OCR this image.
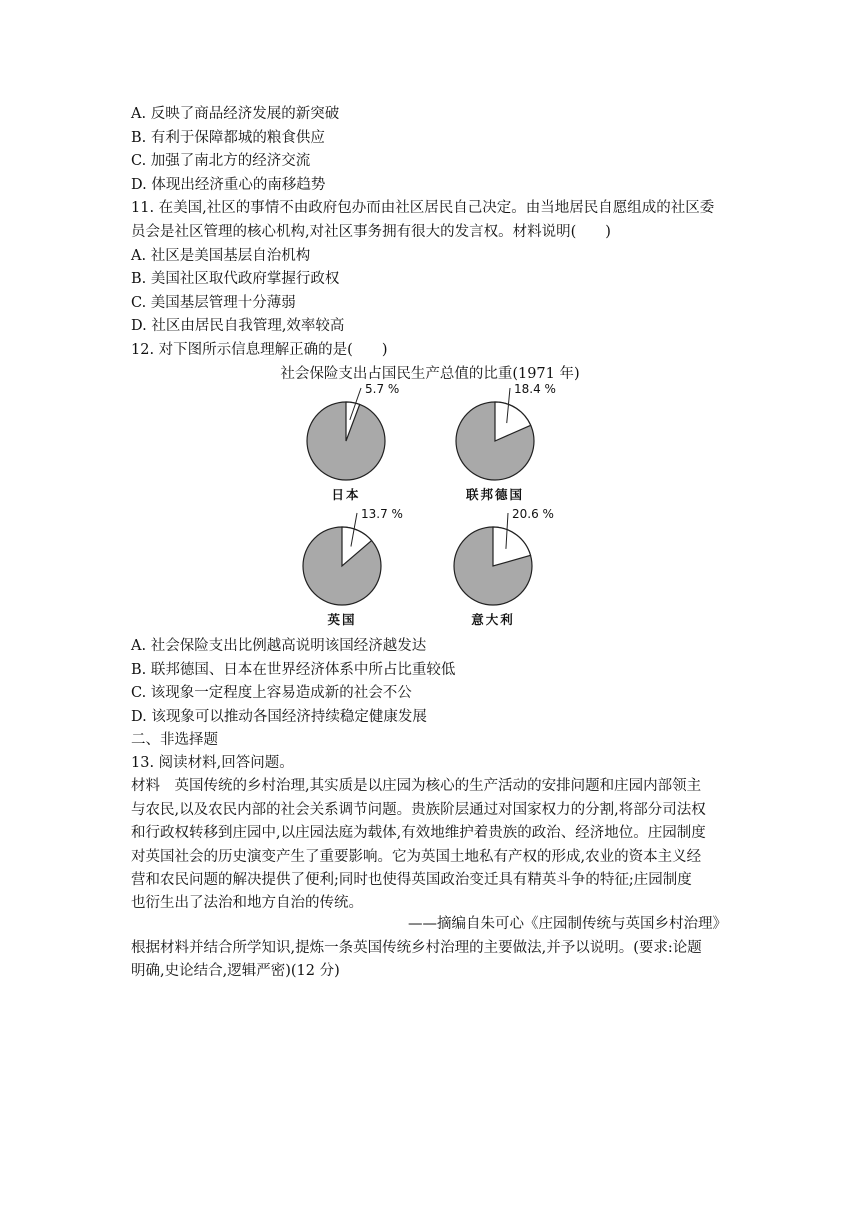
A. 反映了商品经济发展的新突破
B. 有利于保障都城的粮食供应
C. 加强了南北方的经济交流
D. 体现出经济重心的南移趋势
11. 在美国,社区的事情不由政府包办而由社区居民自己决定。由当地居民自愿组成的社区委
员会是社区管理的核心机构,对社区事务拥有很大的发言权。材料说明(　　)
A. 社区是美国基层自治机构
B. 美国社区取代政府掌握行政权
C. 美国基层管理十分薄弱
D. 社区由居民自我管理,效率较高
12. 对下图所示信息理解正确的是(　　)
社会保险支出占国民生产总值的比重(1971 年)
5.7 %
日本
18.4 %
联邦德国
13.7 %
英国
20.6 %
意大利
A. 社会保险支出比例越高说明该国经济越发达
B. 联邦德国、日本在世界经济体系中所占比重较低
C. 该现象一定程度上容易造成新的社会不公
D. 该现象可以推动各国经济持续稳定健康发展
二、非选择题
13. 阅读材料,回答问题。
材料　英国传统的乡村治理,其实质是以庄园为核心的生产活动的安排问题和庄园内部领主
与农民,以及农民内部的社会关系调节问题。贵族阶层通过对国家权力的分割,将部分司法权
和行政权转移到庄园中,以庄园法庭为载体,有效地维护着贵族的政治、经济地位。庄园制度
对英国社会的历史演变产生了重要影响。它为英国土地私有产权的形成,农业的资本主义经
营和农民问题的解决提供了便利;同时也使得英国政治变迁具有精英斗争的特征;庄园制度
也衍生出了法治和地方自治的传统。
——摘编自朱可心《庄园制传统与英国乡村治理》
根据材料并结合所学知识,提炼一条英国传统乡村治理的主要做法,并予以说明。(要求:论题
明确,史论结合,逻辑严密)(12 分)
